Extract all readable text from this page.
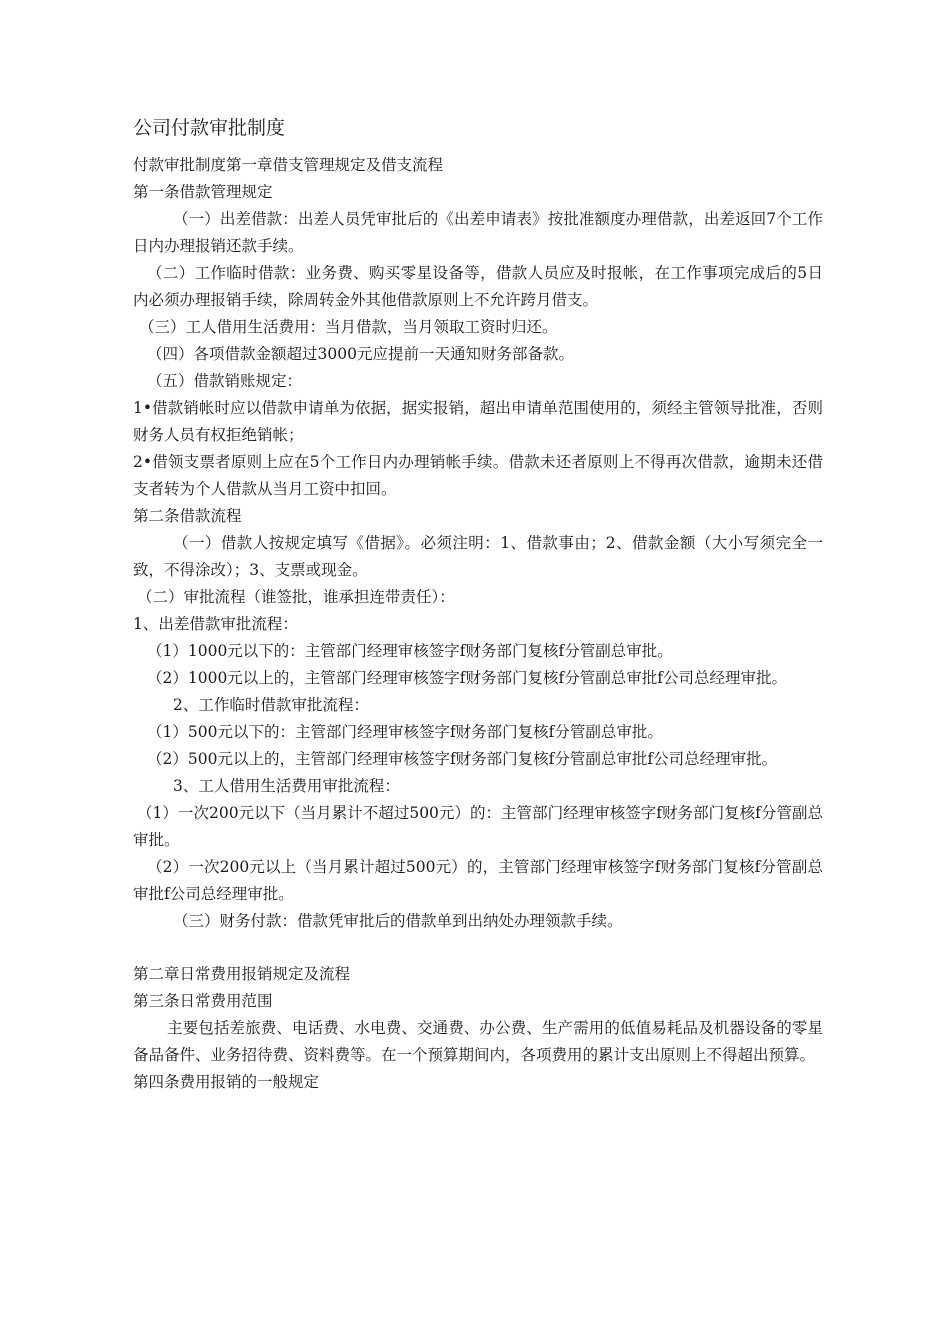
公司付款审批制度

付款审批制度第一章借支管理规定及借支流程

第一条借款管理规定

（一）出差借款：出差人员凭审批后的《出差申请表》按批准额度办理借款，出差返回7个工作日内办理报销还款手续。

（二）工作临时借款：业务费、购买零星设备等，借款人员应及时报帐，在工作事项完成后的5日内必须办理报销手续，除周转金外其他借款原则上不允许跨月借支。

（三）工人借用生活费用：当月借款，当月领取工资时归还。

（四）各项借款金额超过3000元应提前一天通知财务部备款。

（五）借款销账规定：

1•借款销帐时应以借款申请单为依据，据实报销，超出申请单范围使用的，须经主管领导批准，否则财务人员有权拒绝销帐；

2•借领支票者原则上应在5个工作日内办理销帐手续。借款未还者原则上不得再次借款，逾期未还借支者转为个人借款从当月工资中扣回。

第二条借款流程

（一）借款人按规定填写《借据》。必须注明：1、借款事由；2、借款金额（大小写须完全一致，不得涂改）；3、支票或现金。

（二）审批流程（谁签批，谁承担连带责任）：

1、出差借款审批流程：

（1）1000元以下的：主管部门经理审核签字f财务部门复核f分管副总审批。

（2）1000元以上的，主管部门经理审核签字f财务部门复核f分管副总审批f公司总经理审批。

2、工作临时借款审批流程：

（1）500元以下的：主管部门经理审核签字f财务部门复核f分管副总审批。

（2）500元以上的，主管部门经理审核签字f财务部门复核f分管副总审批f公司总经理审批。

3、工人借用生活费用审批流程：

（1）一次200元以下（当月累计不超过500元）的：主管部门经理审核签字f财务部门复核f分管副总审批。

（2）一次200元以上（当月累计超过500元）的，主管部门经理审核签字f财务部门复核f分管副总审批f公司总经理审批。

（三）财务付款：借款凭审批后的借款单到出纳处办理领款手续。

第二章日常费用报销规定及流程

第三条日常费用范围

主要包括差旅费、电话费、水电费、交通费、办公费、生产需用的低值易耗品及机器设备的零星备品备件、业务招待费、资料费等。在一个预算期间内，各项费用的累计支出原则上不得超出预算。

第四条费用报销的一般规定
